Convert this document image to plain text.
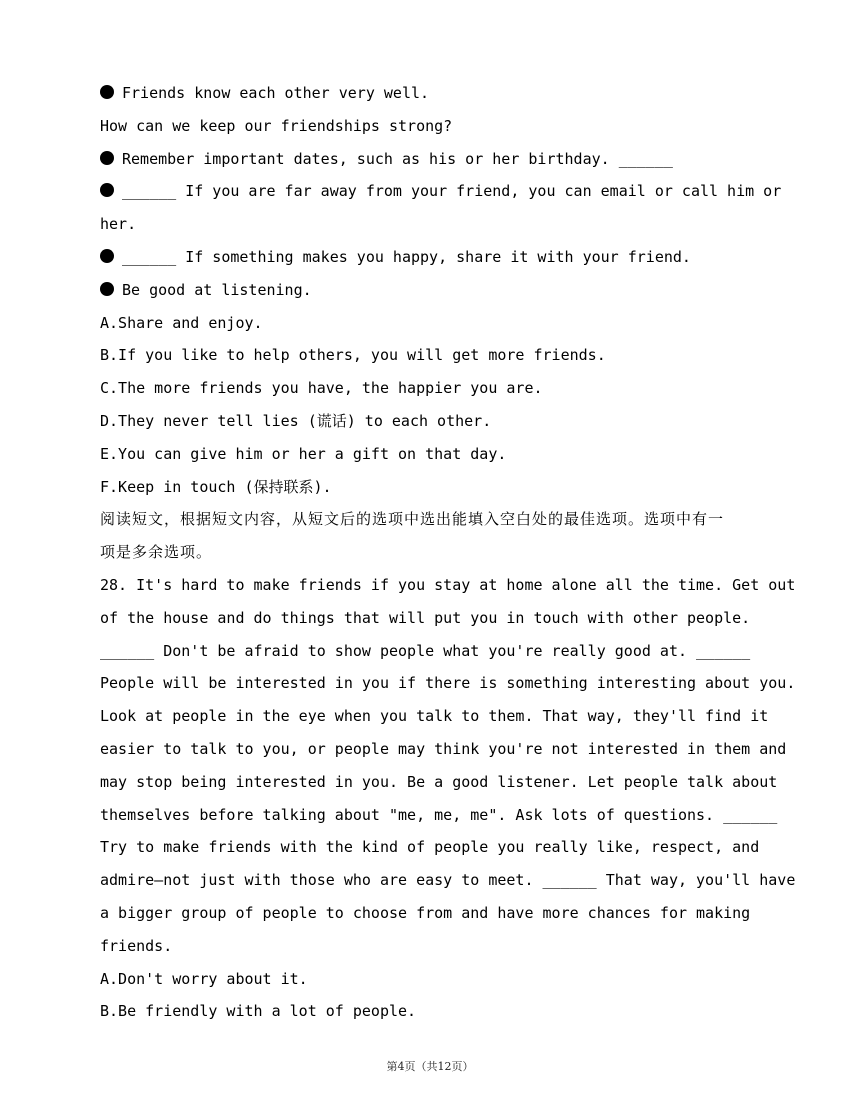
Friends know each other very well.
How can we keep our friendships strong?
Remember important dates, such as his or her birthday. ______
______ If you are far away from your friend, you can email or call him or
her.
______ If something makes you happy, share it with your friend.
Be good at listening.
A.Share and enjoy.
B.If you like to help others, you will get more friends.
C.The more friends you have, the happier you are.
D.They never tell lies (谎话) to each other.
E.You can give him or her a gift on that day.
F.Keep in touch (保持联系).
阅读短文，根据短文内容，从短文后的选项中选出能填入空白处的最佳选项。选项中有一
项是多余选项。
28. It's hard to make friends if you stay at home alone all the time. Get out
of the house and do things that will put you in touch with other people.
______ Don't be afraid to show people what you're really good at. ______
People will be interested in you if there is something interesting about you.
Look at people in the eye when you talk to them. That way, they'll find it
easier to talk to you, or people may think you're not interested in them and
may stop being interested in you. Be a good listener. Let people talk about
themselves before talking about "me, me, me". Ask lots of questions. ______
Try to make friends with the kind of people you really like, respect, and
admire—not just with those who are easy to meet. ______ That way, you'll have
a bigger group of people to choose from and have more chances for making
friends.
A.Don't worry about it.
B.Be friendly with a lot of people.
第4页（共12页）
